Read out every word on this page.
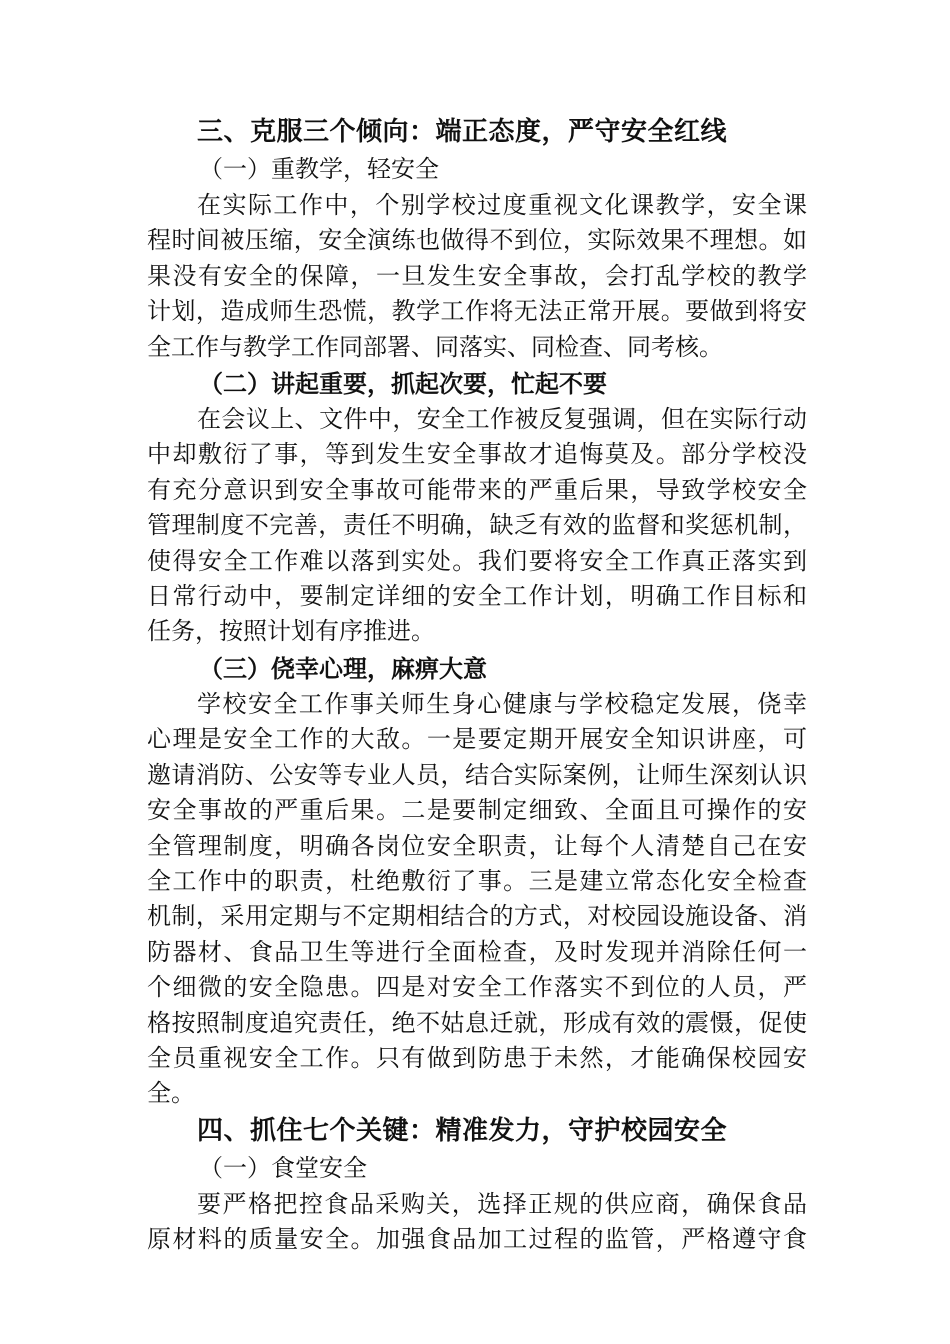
三、克服三个倾向：端正态度，严守安全红线
（一）重教学，轻安全
在实际工作中，个别学校过度重视文化课教学，安全课
程时间被压缩，安全演练也做得不到位，实际效果不理想。如
果没有安全的保障，一旦发生安全事故，会打乱学校的教学
计划，造成师生恐慌，教学工作将无法正常开展。要做到将安
全工作与教学工作同部署、同落实、同检查、同考核。
（二）讲起重要，抓起次要，忙起不要
在会议上、文件中，安全工作被反复强调，但在实际行动
中却敷衍了事，等到发生安全事故才追悔莫及。部分学校没
有充分意识到安全事故可能带来的严重后果，导致学校安全
管理制度不完善，责任不明确，缺乏有效的监督和奖惩机制，
使得安全工作难以落到实处。我们要将安全工作真正落实到
日常行动中，要制定详细的安全工作计划，明确工作目标和
任务，按照计划有序推进。
（三）侥幸心理，麻痹大意
学校安全工作事关师生身心健康与学校稳定发展，侥幸
心理是安全工作的大敌。一是要定期开展安全知识讲座，可
邀请消防、公安等专业人员，结合实际案例，让师生深刻认识
安全事故的严重后果。二是要制定细致、全面且可操作的安
全管理制度，明确各岗位安全职责，让每个人清楚自己在安
全工作中的职责，杜绝敷衍了事。三是建立常态化安全检查
机制，采用定期与不定期相结合的方式，对校园设施设备、消
防器材、食品卫生等进行全面检查，及时发现并消除任何一
个细微的安全隐患。四是对安全工作落实不到位的人员，严
格按照制度追究责任，绝不姑息迁就，形成有效的震慑，促使
全员重视安全工作。只有做到防患于未然，才能确保校园安
全。
四、抓住七个关键：精准发力，守护校园安全
（一）食堂安全
要严格把控食品采购关，选择正规的供应商，确保食品
原材料的质量安全。加强食品加工过程的监管，严格遵守食
